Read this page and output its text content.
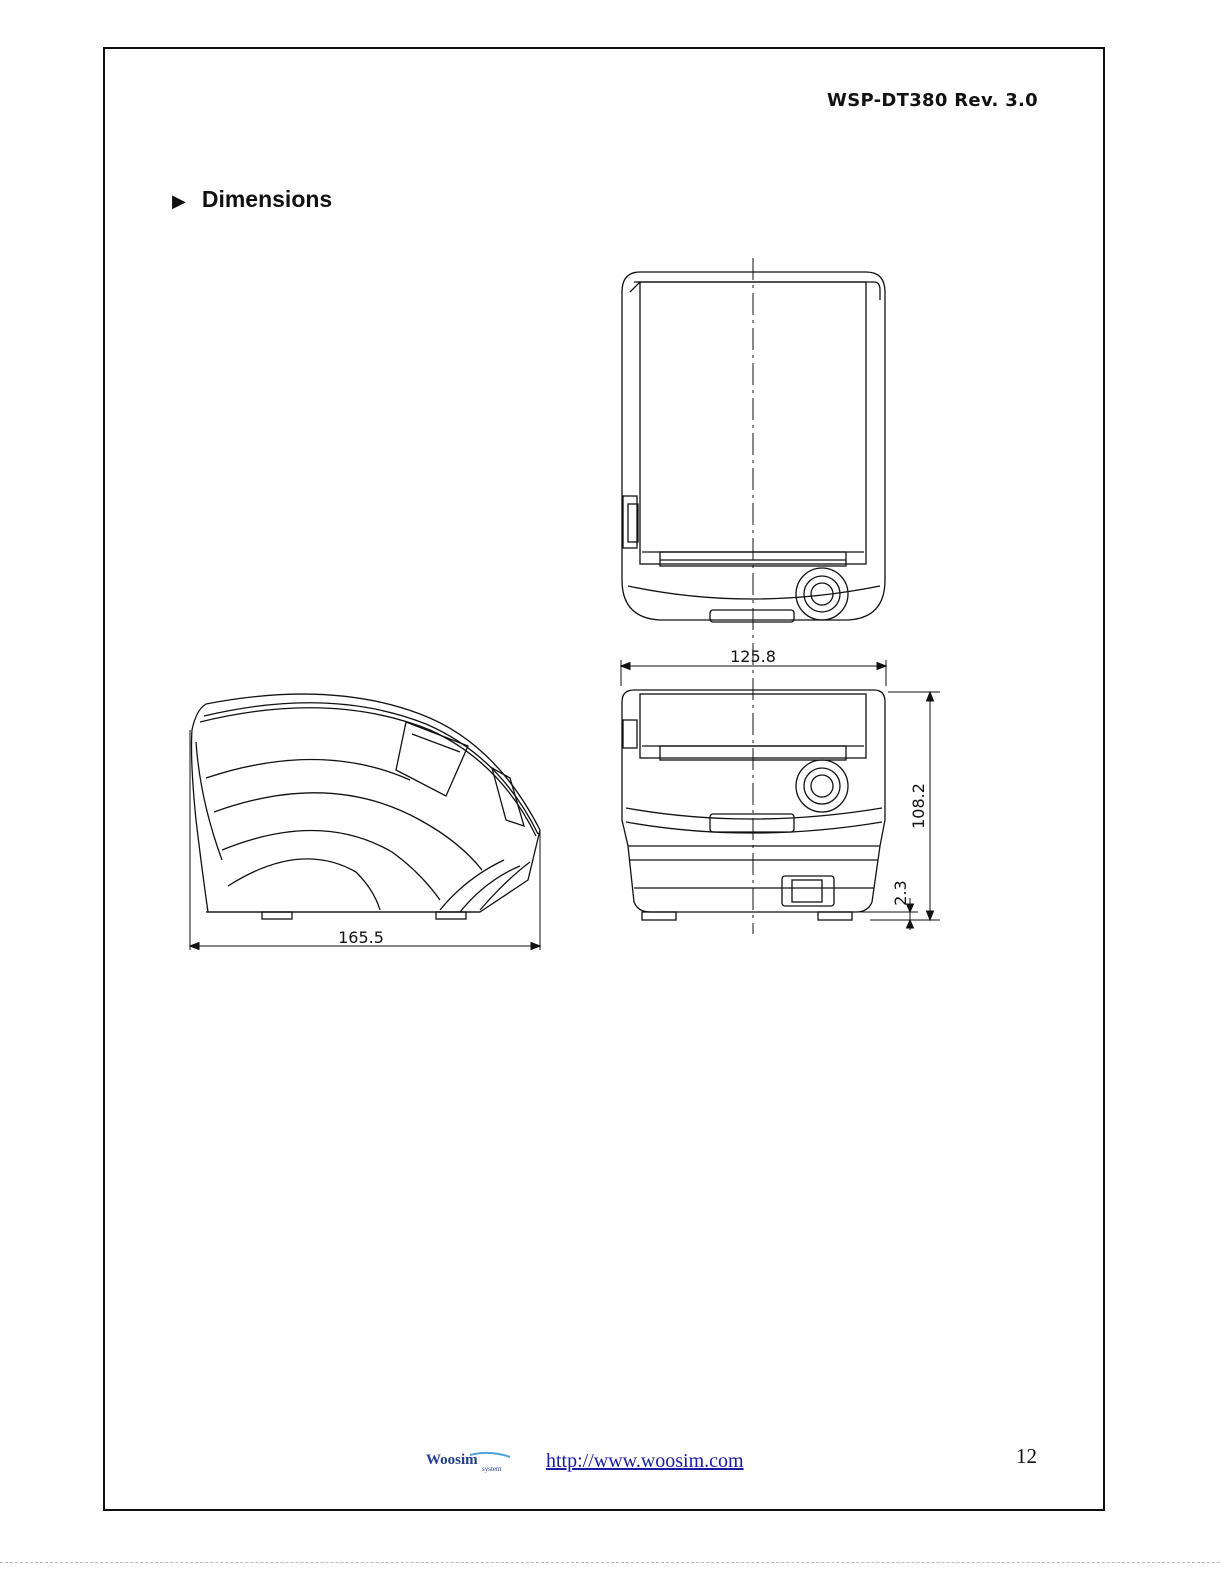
WSP-DT380 Rev. 3.0
▶ Dimensions
125.8
108.2
2.3
165.5
Woosim
system http://www.woosim.com	12
